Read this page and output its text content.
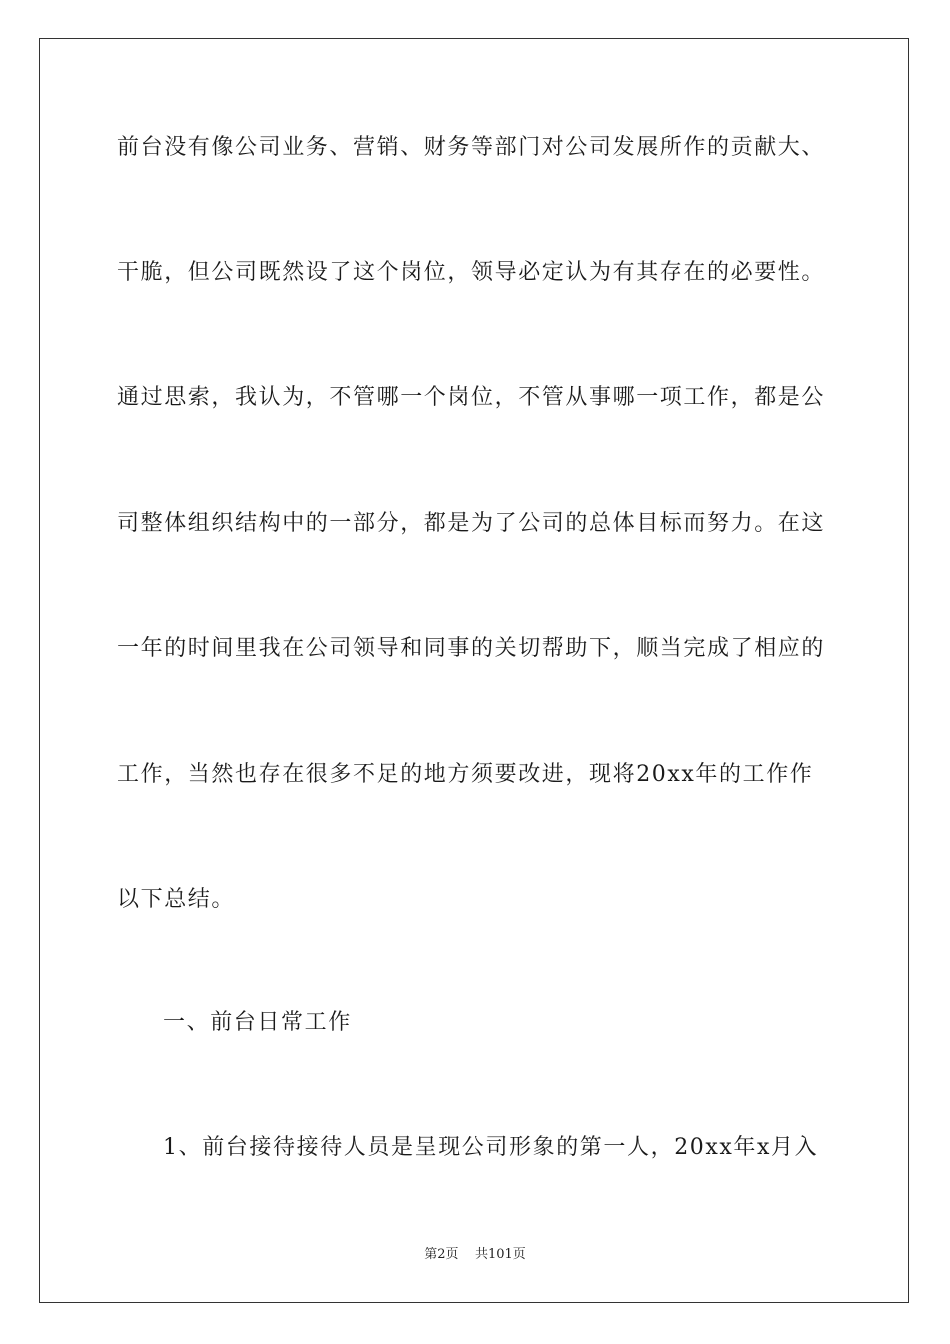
前台没有像公司业务、营销、财务等部门对公司发展所作的贡献大、
干脆，但公司既然设了这个岗位，领导必定认为有其存在的必要性。
通过思索，我认为，不管哪一个岗位，不管从事哪一项工作，都是公
司整体组织结构中的一部分，都是为了公司的总体目标而努力。在这
一年的时间里我在公司领导和同事的关切帮助下，顺当完成了相应的
工作，当然也存在很多不足的地方须要改进，现将20xx年的工作作
以下总结。
一、前台日常工作
1、前台接待接待人员是呈现公司形象的第一人，20xx年x月入
第2页    共101页
